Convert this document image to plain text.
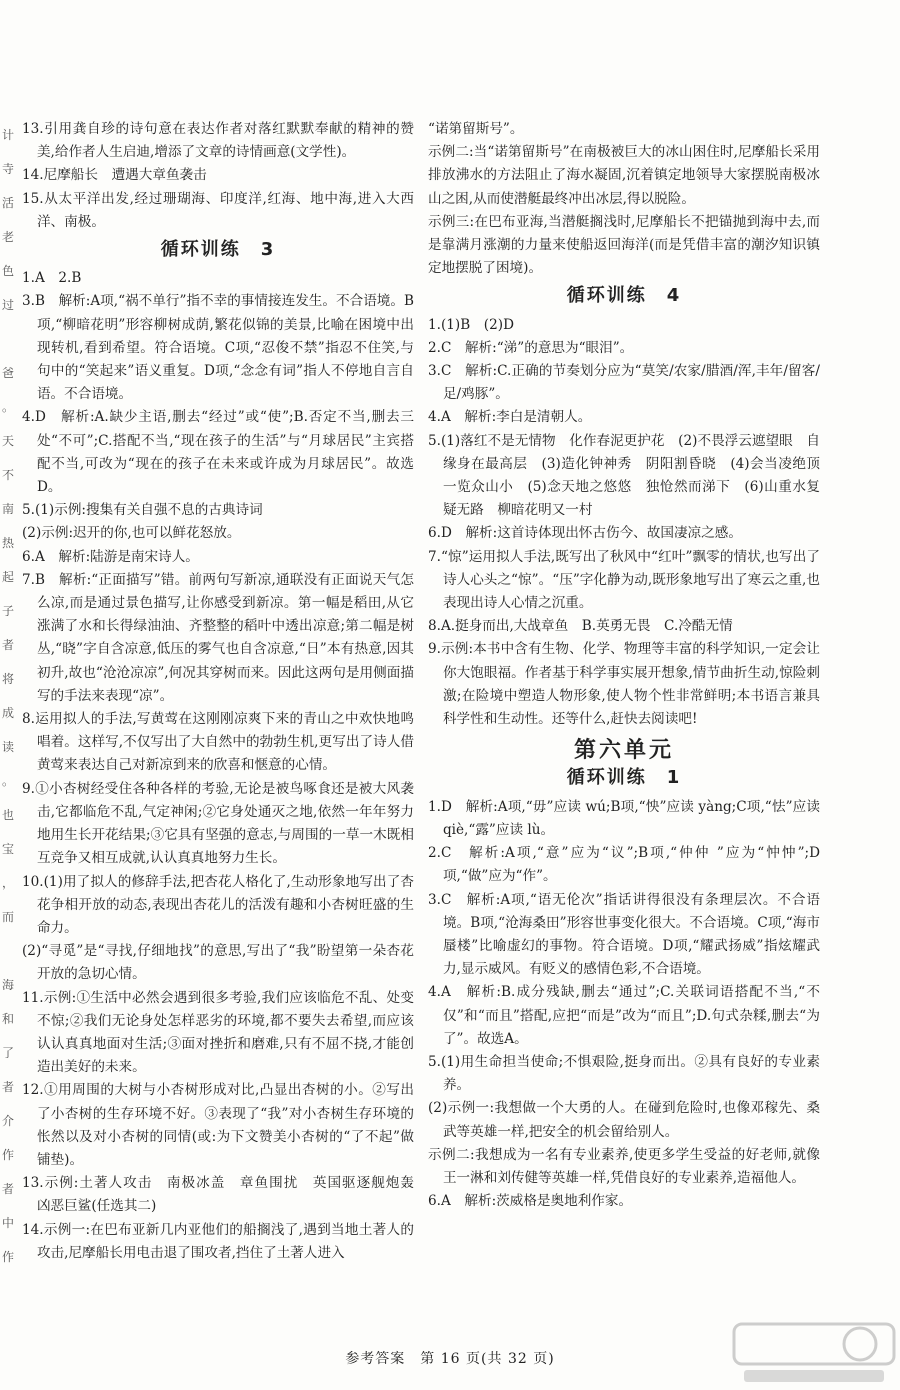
计
寺
活
老
色
过
爸
。
天
不
南
热
起
子
者
将
成
读
。
也
宝
，
而
海
和
了
者
介
作
者
中
作
13.引用龚自珍的诗句意在表达作者对落红默默奉献的精神的赞美,给作者人生启迪,增添了文章的诗情画意(文学性)。
14.尼摩船长　遭遇大章鱼袭击
15.从太平洋出发,经过珊瑚海、印度洋,红海、地中海,进入大西洋、南极。
循环训练　3
1.A　2.B
3.B　解析:A项,“祸不单行”指不幸的事情接连发生。不合语境。B项,“柳暗花明”形容柳树成荫,繁花似锦的美景,比喻在困境中出现转机,看到希望。符合语境。C项,“忍俊不禁”指忍不住笑,与句中的“笑起来”语义重复。D项,“念念有词”指人不停地自言自语。不合语境。
4.D　解析:A.缺少主语,删去“经过”或“使”;B.否定不当,删去三处“不可”;C.搭配不当,“现在孩子的生活”与“月球居民”主宾搭配不当,可改为“现在的孩子在未来或许成为月球居民”。故选D。
5.(1)示例:搜集有关自强不息的古典诗词
(2)示例:迟开的你,也可以鲜花怒放。
6.A　解析:陆游是南宋诗人。
7.B　解析:“正面描写”错。前两句写新凉,通联没有正面说天气怎么凉,而是通过景色描写,让你感受到新凉。第一幅是稻田,从它涨满了水和长得绿油油、齐整整的稻叶中透出凉意;第二幅是树丛,“晓”字自含凉意,低压的雾气也自含凉意,“日”本有热意,因其初升,故也“沧沧凉凉”,何况其穿树而来。因此这两句是用侧面描写的手法来表现“凉”。
8.运用拟人的手法,写黄莺在这刚刚凉爽下来的青山之中欢快地鸣唱着。这样写,不仅写出了大自然中的勃勃生机,更写出了诗人借黄莺来表达自己对新凉到来的欣喜和惬意的心情。
9.①小杏树经受住各种各样的考验,无论是被鸟啄食还是被大风袭击,它都临危不乱,气定神闲;②它身处通灭之地,依然一年年努力地用生长开花结果;③它具有坚强的意志,与周围的一草一木既相互竞争又相互成就,认认真真地努力生长。
10.(1)用了拟人的修辞手法,把杏花人格化了,生动形象地写出了杏花争相开放的动态,表现出杏花儿的活泼有趣和小杏树旺盛的生命力。
(2)“寻觅”是“寻找,仔细地找”的意思,写出了“我”盼望第一朵杏花开放的急切心情。
11.示例:①生活中必然会遇到很多考验,我们应该临危不乱、处变不惊;②我们无论身处怎样恶劣的环境,都不要失去希望,而应该认认真真地面对生活;③面对挫折和磨难,只有不屈不挠,才能创造出美好的未来。
12.①用周围的大树与小杏树形成对比,凸显出杏树的小。②写出了小杏树的生存环境不好。③表现了“我”对小杏树生存环境的怅然以及对小杏树的同情(或:为下文赞美小杏树的“了不起”做铺垫)。
13.示例:土著人攻击　南极冰盖　章鱼围扰　英国驱逐舰炮轰　凶恶巨鲨(任选其二)
14.示例一:在巴布亚新几内亚他们的船搁浅了,遇到当地土著人的攻击,尼摩船长用电击退了围攻者,挡住了土著人进入
“诺第留斯号”。
示例二:当“诺第留斯号”在南极被巨大的冰山困住时,尼摩船长采用排放沸水的方法阻止了海水凝固,沉着镇定地领导大家摆脱南极冰山之困,从而使潜艇最终冲出冰层,得以脱险。
示例三:在巴布亚海,当潜艇搁浅时,尼摩船长不把锚抛到海中去,而是靠满月涨潮的力量来使船返回海洋(而是凭借丰富的潮汐知识镇定地摆脱了困境)。
循环训练　4
1.(1)B　(2)D
2.C　解析:“涕”的意思为“眼泪”。
3.C　解析:C.正确的节奏划分应为“莫笑/农家/腊酒/浑,丰年/留客/足/鸡豚”。
4.A　解析:李白是清朝人。
5.(1)落红不是无情物　化作春泥更护花　(2)不畏浮云遮望眼　自缘身在最高层　(3)造化钟神秀　阴阳割昏晓　(4)会当凌绝顶　一览众山小　(5)念天地之悠悠　独怆然而涕下　(6)山重水复疑无路　柳暗花明又一村
6.D　解析:这首诗体现出怀古伤今、故国凄凉之感。
7.“惊”运用拟人手法,既写出了秋风中“红叶”飘零的情状,也写出了诗人心头之“惊”。“压”字化静为动,既形象地写出了寒云之重,也表现出诗人心情之沉重。
8.A.挺身而出,大战章鱼　B.英勇无畏　C.冷酷无情
9.示例:本书中含有生物、化学、物理等丰富的科学知识,一定会让你大饱眼福。作者基于科学事实展开想象,情节曲折生动,惊险刺激;在险境中塑造人物形象,使人物个性非常鲜明;本书语言兼具科学性和生动性。还等什么,赶快去阅读吧!
第六单元
循环训练　1
1.D　解析:A项,“毋”应读 wú;B项,“怏”应读 yàng;C项,“怯”应读 qiè,“露”应读 lù。
2.C　解析:A项,“意”应为“议”;B项,“仲仲 ”应为“忡忡”;D项,“做”应为“作”。
3.C　解析:A项,“语无伦次”指话讲得很没有条理层次。不合语境。B项,“沧海桑田”形容世事变化很大。不合语境。C项,“海市蜃楼”比喻虚幻的事物。符合语境。D项,“耀武扬威”指炫耀武力,显示威风。有贬义的感情色彩,不合语境。
4.A　解析:B.成分残缺,删去“通过”;C.关联词语搭配不当,“不仅”和“而且”搭配,应把“而是”改为“而且”;D.句式杂糅,删去“为了”。故选A。
5.(1)用生命担当使命;不惧艰险,挺身而出。②具有良好的专业素养。
(2)示例一:我想做一个大勇的人。在碰到危险时,也像邓稼先、桑武等英雄一样,把安全的机会留给别人。
示例二:我想成为一名有专业素养,使更多学生受益的好老师,就像王一淋和刘传健等英雄一样,凭借良好的专业素养,造福他人。
6.A　解析:茨威格是奥地利作家。
参考答案　第 16 页(共 32 页)
